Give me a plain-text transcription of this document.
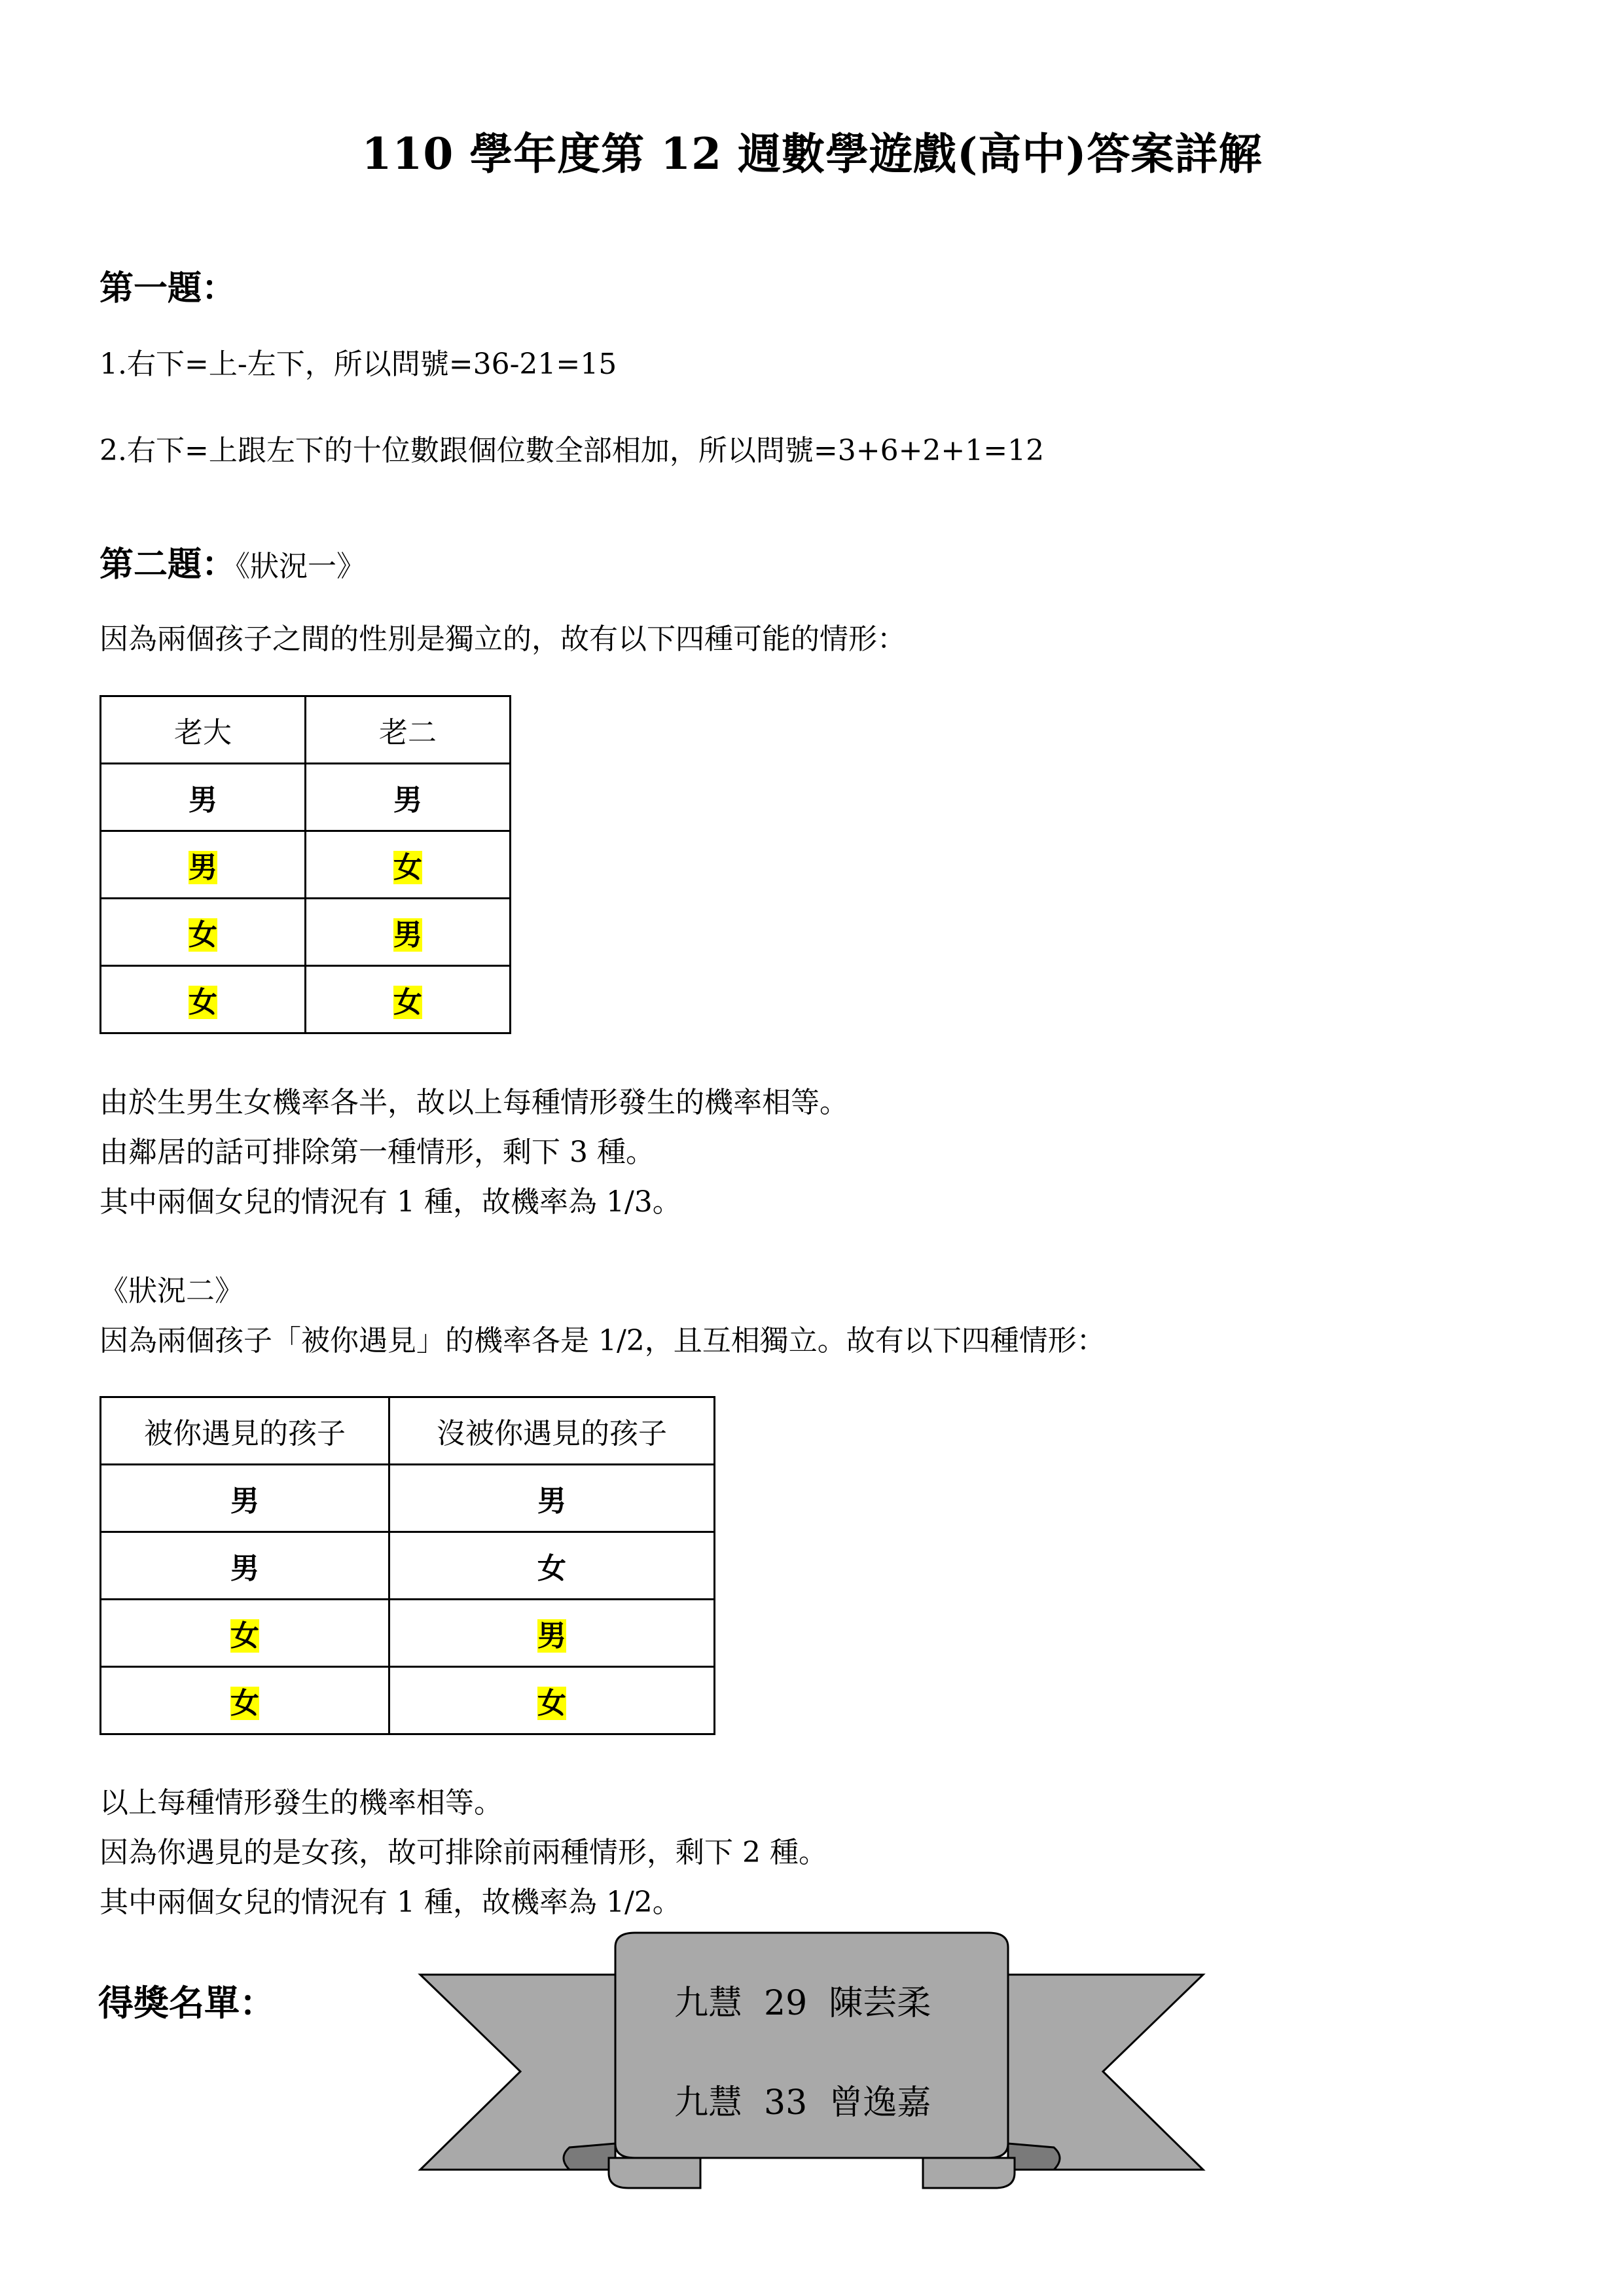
110 學年度第 12 週數學遊戲(高中)答案詳解
第一題：
1.右下=上-左下，所以問號=36-21=15
2.右下=上跟左下的十位數跟個位數全部相加，所以問號=3+6+2+1=12
第二題：《狀況一》
因為兩個孩子之間的性別是獨立的，故有以下四種可能的情形：
老大	老二
男	男
男	女
女	男
女	女
由於生男生女機率各半，故以上每種情形發生的機率相等。
由鄰居的話可排除第一種情形，剩下 3 種。
其中兩個女兒的情況有 1 種，故機率為 1/3。
《狀況二》
因為兩個孩子「被你遇見」的機率各是 1/2，且互相獨立。故有以下四種情形：
被你遇見的孩子	沒被你遇見的孩子
男	男
男	女
女	男
女	女
以上每種情形發生的機率相等。
因為你遇見的是女孩，故可排除前兩種情形，剩下 2 種。
其中兩個女兒的情況有 1 種，故機率為 1/2。
得獎名單：	九慧  29  陳芸柔
九慧  33  曾逸嘉
